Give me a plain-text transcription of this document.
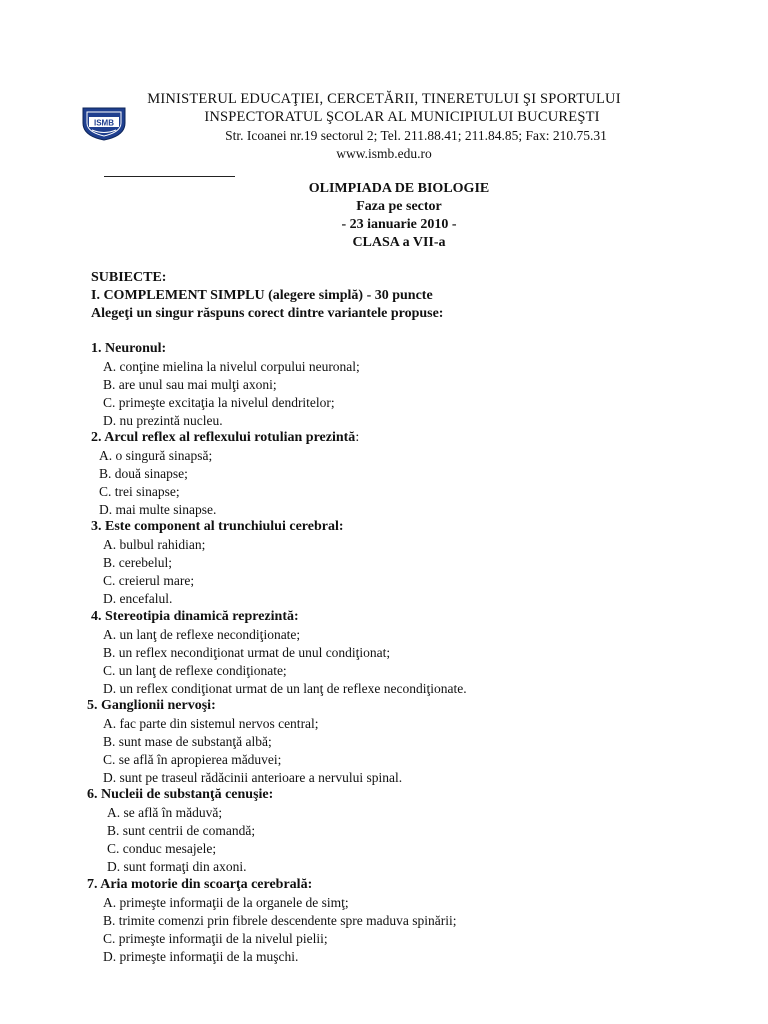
MINISTERUL EDUCAŢIEI, CERCETĂRII, TINERETULUI ŞI SPORTULUI
INSPECTORATUL ŞCOLAR AL MUNICIPIULUI BUCUREŞTI
ISMB
Str. Icoanei nr.19 sectorul 2; Tel. 211.88.41; 211.84.85; Fax: 210.75.31
www.ismb.edu.ro
OLIMPIADA DE BIOLOGIE
Faza pe sector
- 23 ianuarie 2010 -
CLASA a VII-a
SUBIECTE:
I. COMPLEMENT SIMPLU (alegere simplă) - 30 puncte
Alegeţi un singur răspuns corect dintre variantele propuse:
1. Neuronul:
A. conţine mielina la nivelul corpului neuronal;
B. are unul sau mai mulţi axoni;
C. primeşte excitaţia la nivelul dendritelor;
D. nu prezintă nucleu.
2. Arcul reflex al reflexului rotulian prezintă:
A. o singură sinapsă;
B. două sinapse;
C. trei sinapse;
D. mai multe sinapse.
3. Este component al trunchiului cerebral:
A. bulbul rahidian;
B. cerebelul;
C. creierul mare;
D. encefalul.
4. Stereotipia dinamică reprezintă:
A. un lanţ de reflexe necondiţionate;
B. un reflex necondiţionat urmat de unul condiţionat;
C. un lanţ de reflexe condiţionate;
D. un reflex condiţionat urmat de un lanţ de reflexe necondiţionate.
5. Ganglionii nervoşi:
A. fac parte din sistemul nervos central;
B. sunt mase de substanţă albă;
C. se află în apropierea măduvei;
D. sunt pe traseul rădăcinii anterioare a nervului spinal.
6. Nucleii de substanţă cenuşie:
A. se află în măduvă;
B. sunt centrii de comandă;
C. conduc mesajele;
D. sunt formaţi din axoni.
7. Aria motorie din scoarţa cerebrală:
A. primeşte informaţii de la organele de simţ;
B. trimite comenzi prin fibrele descendente spre maduva spinării;
C. primeşte informaţii de la nivelul pielii;
D. primeşte informaţii de la muşchi.
